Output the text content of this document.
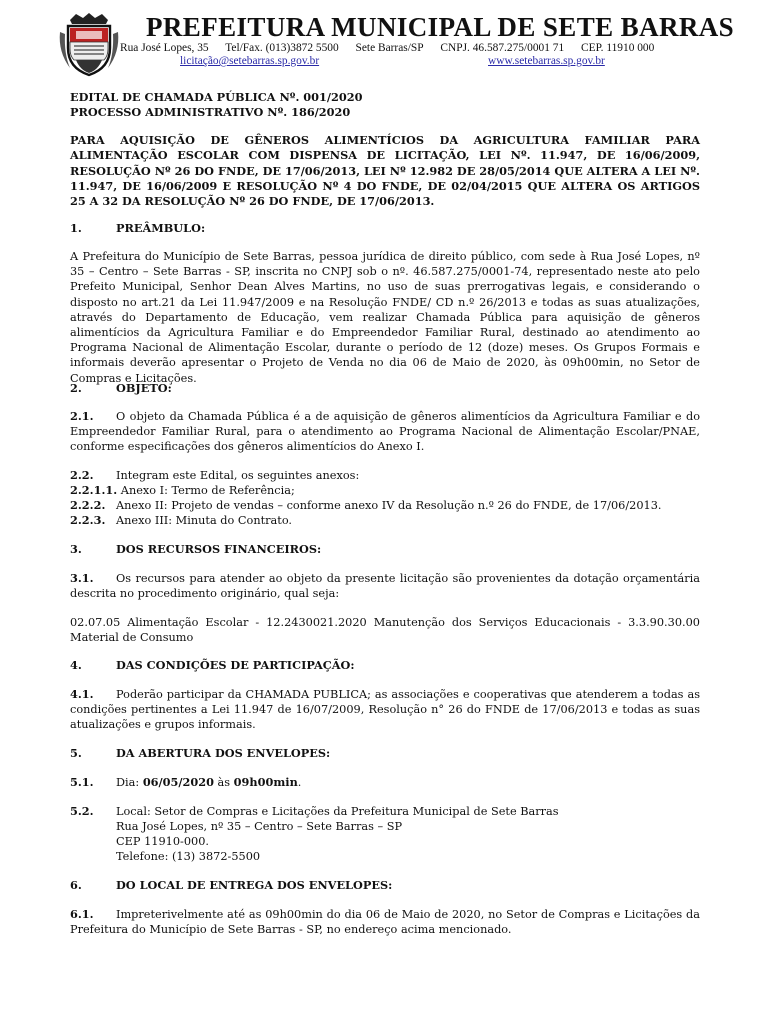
PREFEITURA MUNICIPAL DE SETE BARRAS
Rua José Lopes, 35 Tel/Fax. (013)3872 5500 Sete Barras/SP CNPJ. 46.587.275/0001 71 CEP. 11910 000
licitação@setebarras.sp.gov.br	www.setebarras.sp.gov.br
EDITAL DE CHAMADA PÚBLICA Nº. 001/2020
PROCESSO ADMINISTRATIVO Nº. 186/2020
PARA AQUISIÇÃO DE GÊNEROS ALIMENTÍCIOS DA AGRICULTURA FAMILIAR PARA ALIMENTAÇÃO ESCOLAR COM DISPENSA DE LICITAÇÃO, LEI Nº. 11.947, DE 16/06/2009, RESOLUÇÃO Nº 26 DO FNDE, DE 17/06/2013, LEI Nº 12.982 DE 28/05/2014 QUE ALTERA A LEI Nº. 11.947, DE 16/06/2009 E RESOLUÇÃO Nº 4 DO FNDE, DE 02/04/2015 QUE ALTERA OS ARTIGOS 25 A 32 DA RESOLUÇÃO Nº 26 DO FNDE, DE 17/06/2013.
1.	PREÂMBULO:
A Prefeitura do Município de Sete Barras, pessoa jurídica de direito público, com sede à Rua José Lopes, nº 35 – Centro – Sete Barras - SP, inscrita no CNPJ sob o nº. 46.587.275/0001-74, representado neste ato pelo Prefeito Municipal, Senhor Dean Alves Martins, no uso de suas prerrogativas legais, e considerando o disposto no art.21 da Lei 11.947/2009 e na Resolução FNDE/ CD n.º 26/2013 e todas as suas atualizações, através do Departamento de Educação, vem realizar Chamada Pública para aquisição de gêneros alimentícios da Agricultura Familiar e do Empreendedor Familiar Rural, destinado ao atendimento ao Programa Nacional de Alimentação Escolar, durante o período de 12 (doze) meses. Os Grupos Formais e informais deverão apresentar o Projeto de Venda no dia 06 de Maio de 2020, às 09h00min, no Setor de Compras e Licitações.
2.	OBJETO:
2.1. O objeto da Chamada Pública é a de aquisição de gêneros alimentícios da Agricultura Familiar e do Empreendedor Familiar Rural, para o atendimento ao Programa Nacional de Alimentação Escolar/PNAE, conforme especificações dos gêneros alimentícios do Anexo I.
2.2. Integram este Edital, os seguintes anexos:
2.2.1.1. Anexo I: Termo de Referência;
2.2.2. Anexo II: Projeto de vendas – conforme anexo IV da Resolução n.º 26 do FNDE, de 17/06/2013.
2.2.3. Anexo III: Minuta do Contrato.
3.	DOS RECURSOS FINANCEIROS:
3.1. Os recursos para atender ao objeto da presente licitação são provenientes da dotação orçamentária descrita no procedimento originário, qual seja:
02.07.05 Alimentação Escolar - 12.2430021.2020 Manutenção dos Serviços Educacionais - 3.3.90.30.00 Material de Consumo
4.	DAS CONDIÇÕES DE PARTICIPAÇÃO:
4.1. Poderão participar da CHAMADA PUBLICA; as associações e cooperativas que atenderem a todas as condições pertinentes a Lei 11.947 de 16/07/2009, Resolução n° 26 do FNDE de 17/06/2013 e todas as suas atualizações e grupos informais.
5.	DA ABERTURA DOS ENVELOPES:
5.1. Dia: 06/05/2020 às 09h00min.
5.2. Local: Setor de Compras e Licitações da Prefeitura Municipal de Sete Barras
Rua José Lopes, nº 35 – Centro – Sete Barras – SP
CEP 11910-000.
Telefone: (13) 3872-5500
6.	DO LOCAL DE ENTREGA DOS ENVELOPES:
6.1. Impreterivelmente até as 09h00min do dia 06 de Maio de 2020, no Setor de Compras e Licitações da Prefeitura do Município de Sete Barras - SP, no endereço acima mencionado.
